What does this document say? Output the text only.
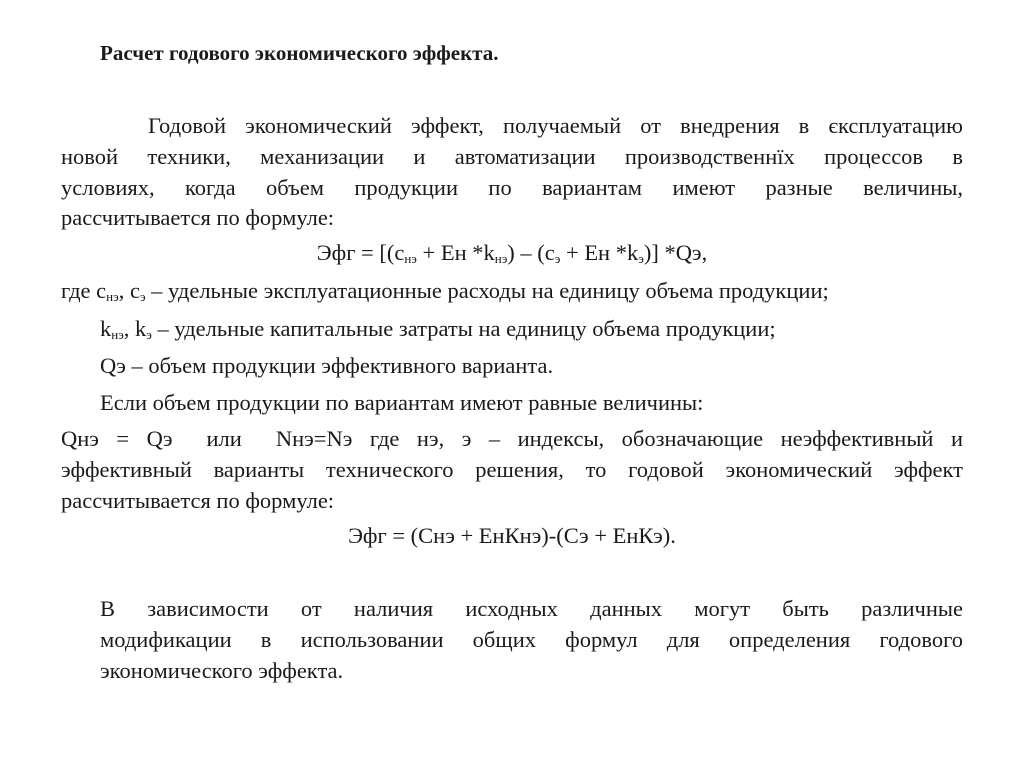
Расчет годового экономического эффекта.
Годовой экономический эффект, получаемый от внедрения в єксплуатацию
новой техники, механизации и автоматизации производственнїх процессов в
условиях, когда объем продукции по вариантам имеют разные величины,
рассчитывается по формуле:
Эфг = [($с_{нэ}$ + Ен $*k_{нэ}) - (с_э$ + Ен $*k_э$)] *Qэ,
где $с_{нэ}$, $с_э$ – удельные эксплуатационные расходы на единицу объема продукции;
$k_{нэ}$, $k_э$ – удельные капитальные затраты на единицу объема продукции;
Qэ – объем продукции эффективного варианта.
Если объем продукции по вариантам имеют равные величины:
Qнэ = Qэ или Nнэ=Nэ где нэ, э – индексы, обозначающие неэффективный и
эффективный варианты технического решения, то годовой экономический эффект
рассчитывается по формуле:
Эфг = (Снэ + ЕнКнэ)-(Сэ + ЕнКэ).
В зависимости от наличия исходных данных могут быть различные
модификации в использовании общих формул для определения годового
экономического эффекта.
